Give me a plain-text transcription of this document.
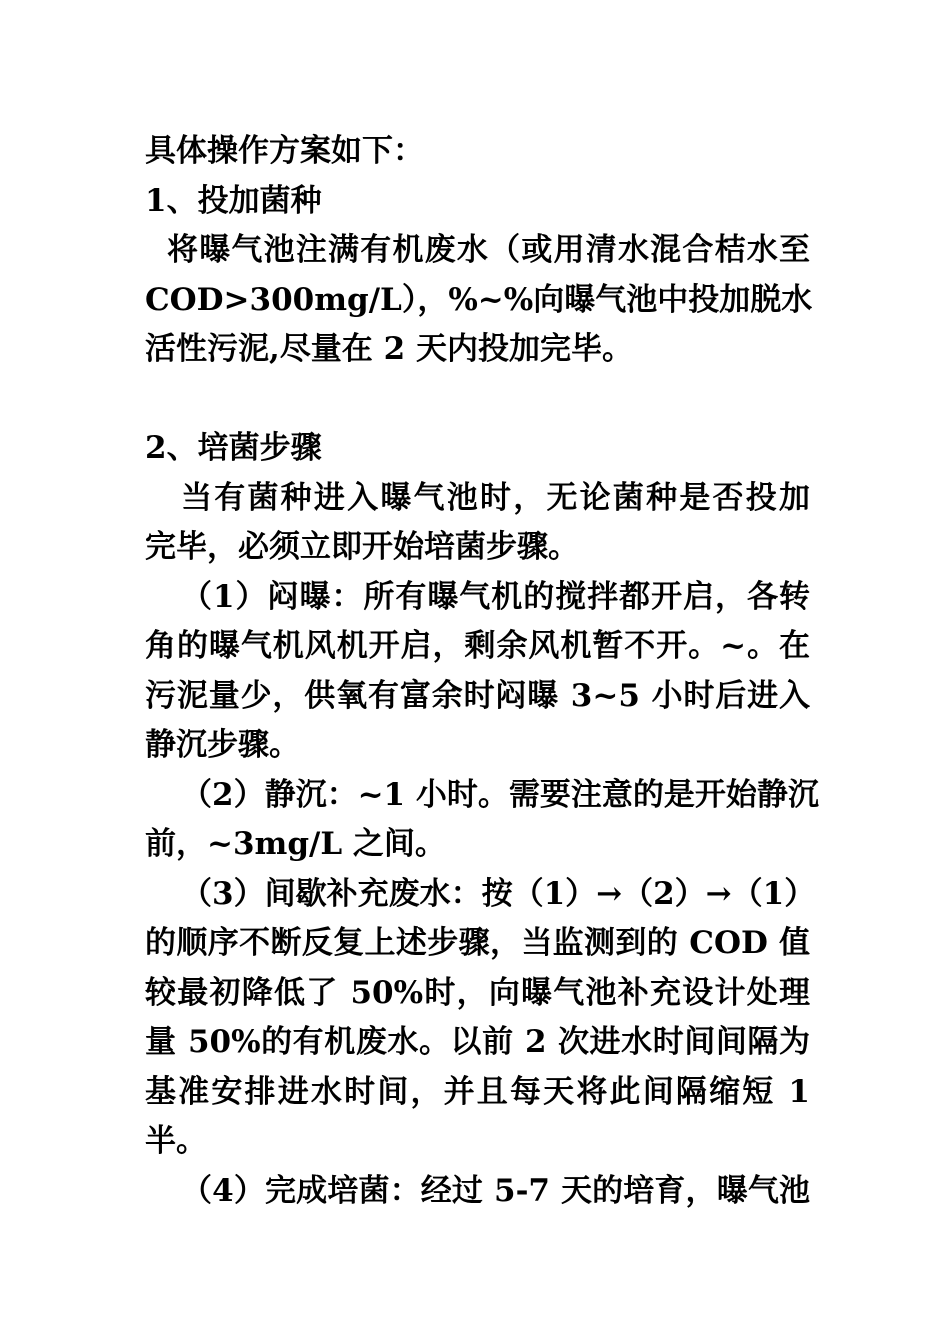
具体操作方案如下：
1、投加菌种
将曝气池注满有机废水（或用清水混合桔水至
COD>300mg/L），%~%向曝气池中投加脱水
活性污泥,尽量在 2 天内投加完毕。
2、培菌步骤
当有菌种进入曝气池时，无论菌种是否投加
完毕，必须立即开始培菌步骤。
（1）闷曝：所有曝气机的搅拌都开启，各转
角的曝气机风机开启，剩余风机暂不开。~。在
污泥量少，供氧有富余时闷曝 3~5 小时后进入
静沉步骤。
（2）静沉：~1 小时。需要注意的是开始静沉
前，~3mg/L 之间。
（3）间歇补充废水：按（1）→（2）→（1）
的顺序不断反复上述步骤，当监测到的 COD 值
较最初降低了 50%时，向曝气池补充设计处理
量 50%的有机废水。以前 2 次进水时间间隔为
基准安排进水时间，并且每天将此间隔缩短 1
半。
（4）完成培菌：经过 5-7 天的培育，曝气池
